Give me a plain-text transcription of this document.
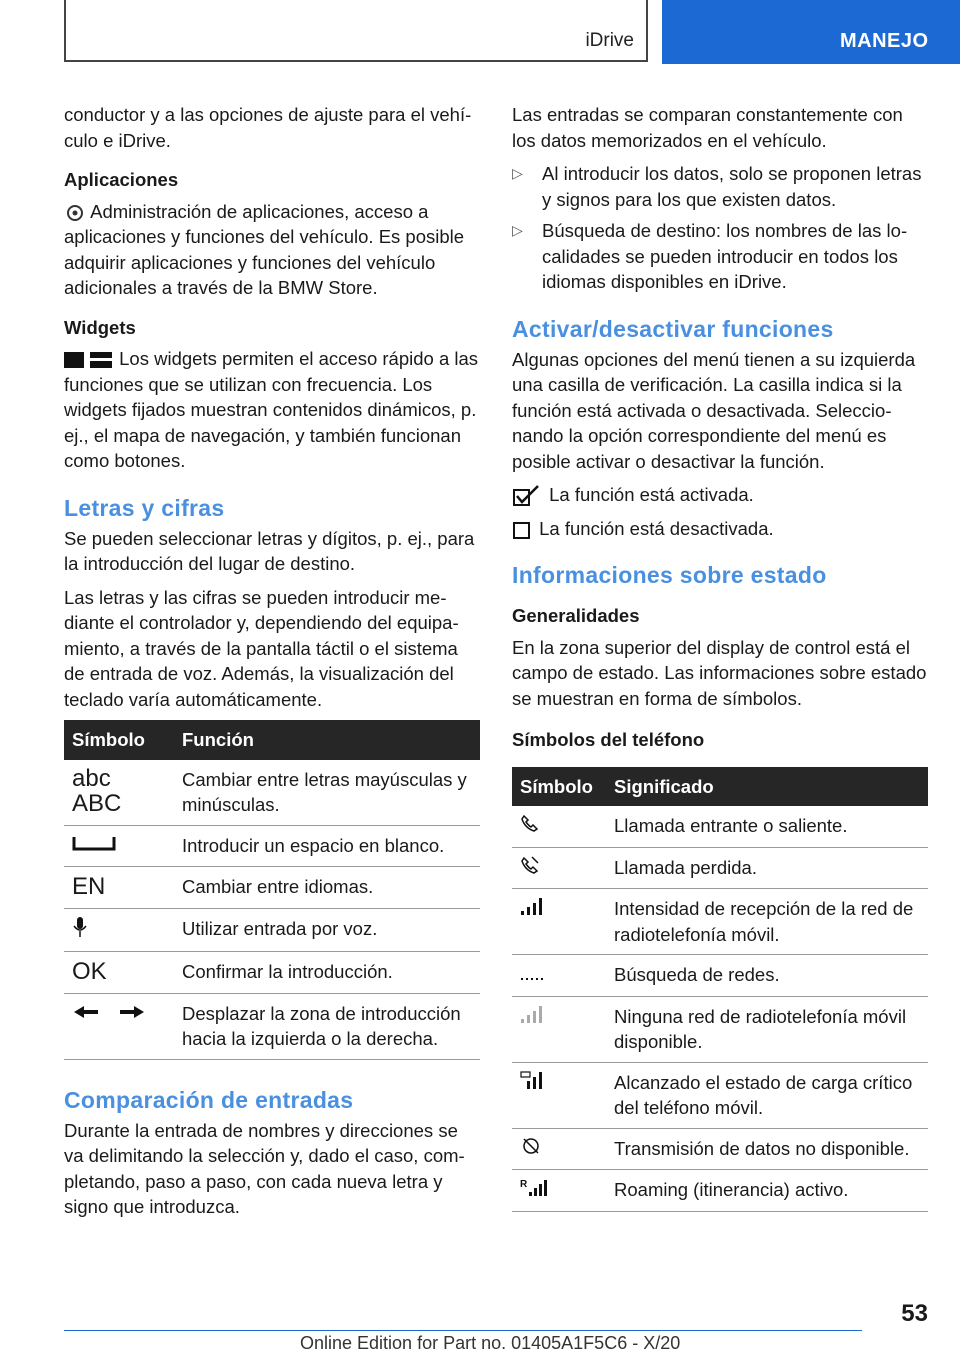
iDrive	MANEJO

conductor y a las opciones de ajuste para el vehículo e iDrive.

Aplicaciones

Administración de aplicaciones, acceso a aplicaciones y funciones del vehículo. Es posible adquirir aplicaciones y funciones del vehículo adicionales a través de la BMW Store.

Widgets

Los widgets permiten el acceso rápido a las funciones que se utilizan con frecuencia. Los widgets fijados muestran contenidos dinámicos, p. ej., el mapa de navegación, y también funcionan como botones.

Letras y cifras

Se pueden seleccionar letras y dígitos, p. ej., para la introducción del lugar de destino.

Las letras y las cifras se pueden introducir mediante el controlador y, dependiendo del equipamiento, a través de la pantalla táctil o el sistema de entrada de voz. Además, la visualización del teclado varía automáticamente.

Símbolo	Función

abc
ABC	Cambiar entre letras mayúsculas y minúsculas.
	Introducir un espacio en blanco.
EN	Cambiar entre idiomas.
	Utilizar entrada por voz.
OK	Confirmar la introducción.
	Desplazar la zona de introducción hacia la izquierda o la derecha.
Comparación de entradas

Durante la entrada de nombres y direcciones se va delimitando la selección y, dado el caso, completando, paso a paso, con cada nueva letra y signo que introduzca.

Las entradas se comparan constantemente con los datos memorizados en el vehículo.

▷ Al introducir los datos, solo se proponen letras y signos para los que existen datos.
▷ Búsqueda de destino: los nombres de las localidades se pueden introducir en todos los idiomas disponibles en iDrive.
Activar/desactivar funciones

Algunas opciones del menú tienen a su izquierda una casilla de verificación. La casilla indica si la función está activada o desactivada. Seleccionando la opción correspondiente del menú es posible activar o desactivar la función.

La función está activada.

La función está desactivada.

Informaciones sobre estado
Generalidades

En la zona superior del display de control está el campo de estado. Las informaciones sobre estado se muestran en forma de símbolos.

Símbolos del teléfono
Símbolo	Significado
	Llamada entrante o saliente.
	Llamada perdida.
	Intensidad de recepción de la red de radiotelefonía móvil.
	Búsqueda de redes.
	Ninguna red de radiotelefonía móvil disponible.
	Alcanzado el estado de carga crítico del teléfono móvil.
	Transmisión de datos no disponible.

R	Roaming (itinerancia) activo.
53
Online Edition for Part no. 01405A1F5C6 - X/20
